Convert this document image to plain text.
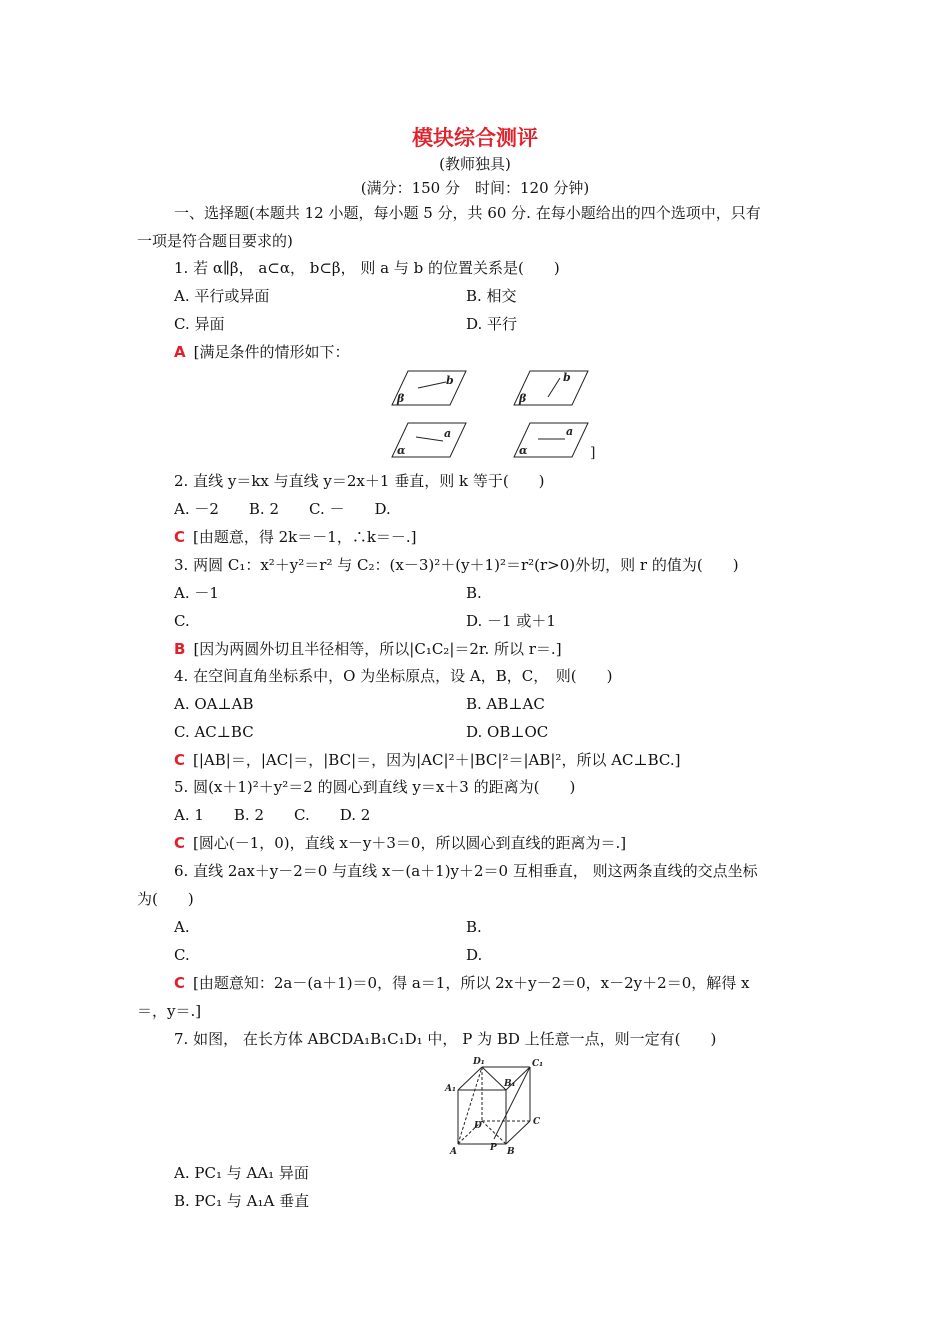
模块综合测评
(教师独具)
(满分：150 分　时间：120 分钟)
一、选择题(本题共 12 小题，每小题 5 分，共 60 分. 在每小题给出的四个选项中，只有
一项是符合题目要求的)
1. 若 α∥β， a⊂α， b⊂β， 则 a 与 b 的位置关系是(　　)
A. 平行或异面	B. 相交
C. 异面	D. 平行
A [满足条件的情形如下：
b
β
b
β
a
α
a
α	]
2. 直线 y＝kx 与直线 y＝2x＋1 垂直，则 k 等于(　　)
A. －2　　B. 2　　C. －　　D.
C [由题意，得 2k＝－1，∴k＝－.]
3. 两圆 C₁：x²＋y²＝r² 与 C₂：(x－3)²＋(y＋1)²＝r²(r>0)外切，则 r 的值为(　　)
A. －1	B.
C.	D. －1 或＋1
B [因为两圆外切且半径相等，所以|C₁C₂|＝2r. 所以 r＝.]
4. 在空间直角坐标系中，O 为坐标原点，设 A，B，C，　则(　　)
A. OA⊥AB	B. AB⊥AC
C. AC⊥BC	D. OB⊥OC
C [|AB|＝，|AC|＝，|BC|＝，因为|AC|²＋|BC|²＝|AB|²，所以 AC⊥BC.]
5. 圆(x＋1)²＋y²＝2 的圆心到直线 y＝x＋3 的距离为(　　)
A. 1　　B. 2　　C.　　D. 2
C [圆心(－1，0)，直线 x－y＋3＝0，所以圆心到直线的距离为＝.]
6. 直线 2ax＋y－2＝0 与直线 x－(a＋1)y＋2＝0 互相垂直， 则这两条直线的交点坐标
为(　　)
A.	B.
C.	D.
C [由题意知：2a－(a＋1)＝0，得 a＝1，所以 2x＋y－2＝0，x－2y＋2＝0，解得 x
＝，y＝.]
7. 如图， 在长方体 ABCDA₁B₁C₁D₁ 中， P 为 BD 上任意一点，则一定有(　　)
D₁	C₁
A₁	B₁
D	C
A	B
P
A. PC₁ 与 AA₁ 异面
B. PC₁ 与 A₁A 垂直
